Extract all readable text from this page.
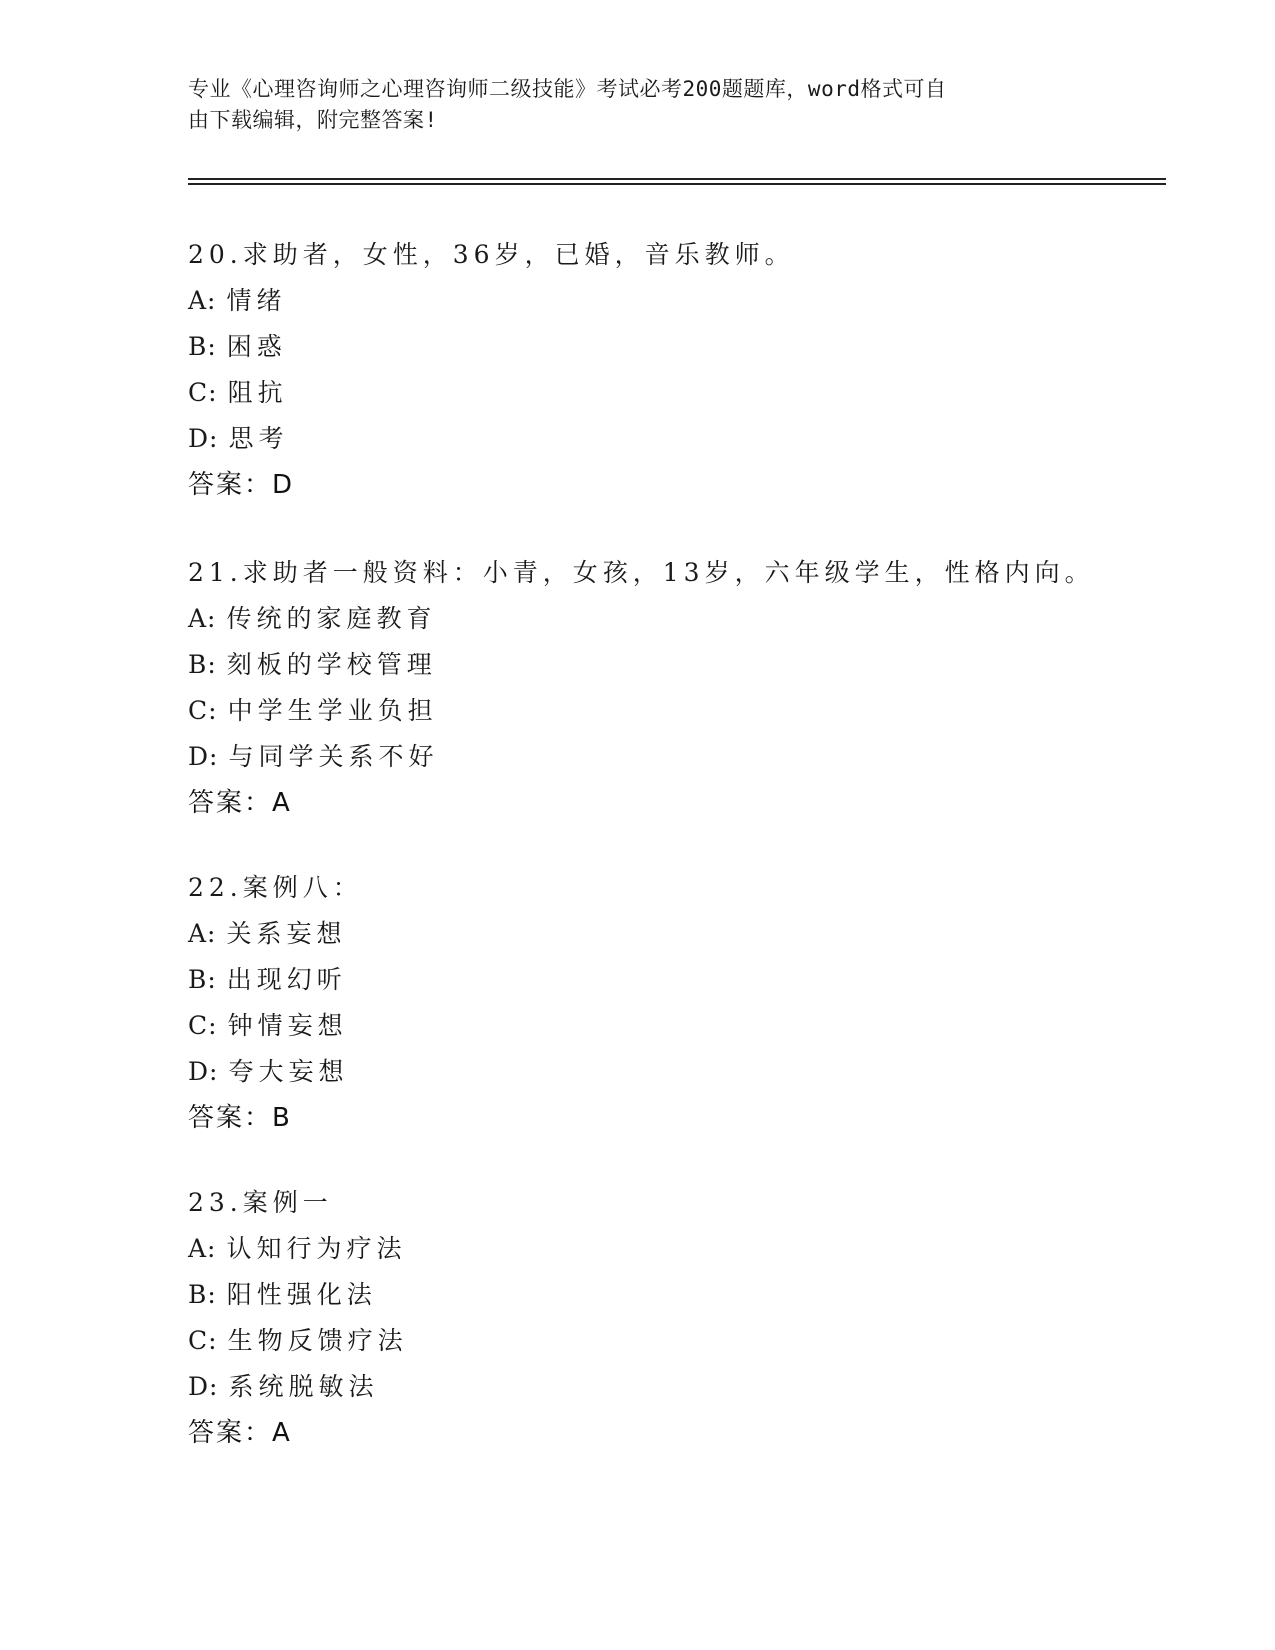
专业《心理咨询师之心理咨询师二级技能》考试必考200题题库，word格式可自
由下载编辑，附完整答案!
20.求助者，女性，36岁，已婚，音乐教师。
A: 情绪
B: 困惑
C: 阻抗
D: 思考
答案：D
21.求助者一般资料：小青，女孩，13岁，六年级学生，性格内向。
A: 传统的家庭教育
B: 刻板的学校管理
C: 中学生学业负担
D: 与同学关系不好
答案：A
22.案例八：
A: 关系妄想
B: 出现幻听
C: 钟情妄想
D: 夸大妄想
答案：B
23.案例一
A: 认知行为疗法
B: 阳性强化法
C: 生物反馈疗法
D: 系统脱敏法
答案：A
